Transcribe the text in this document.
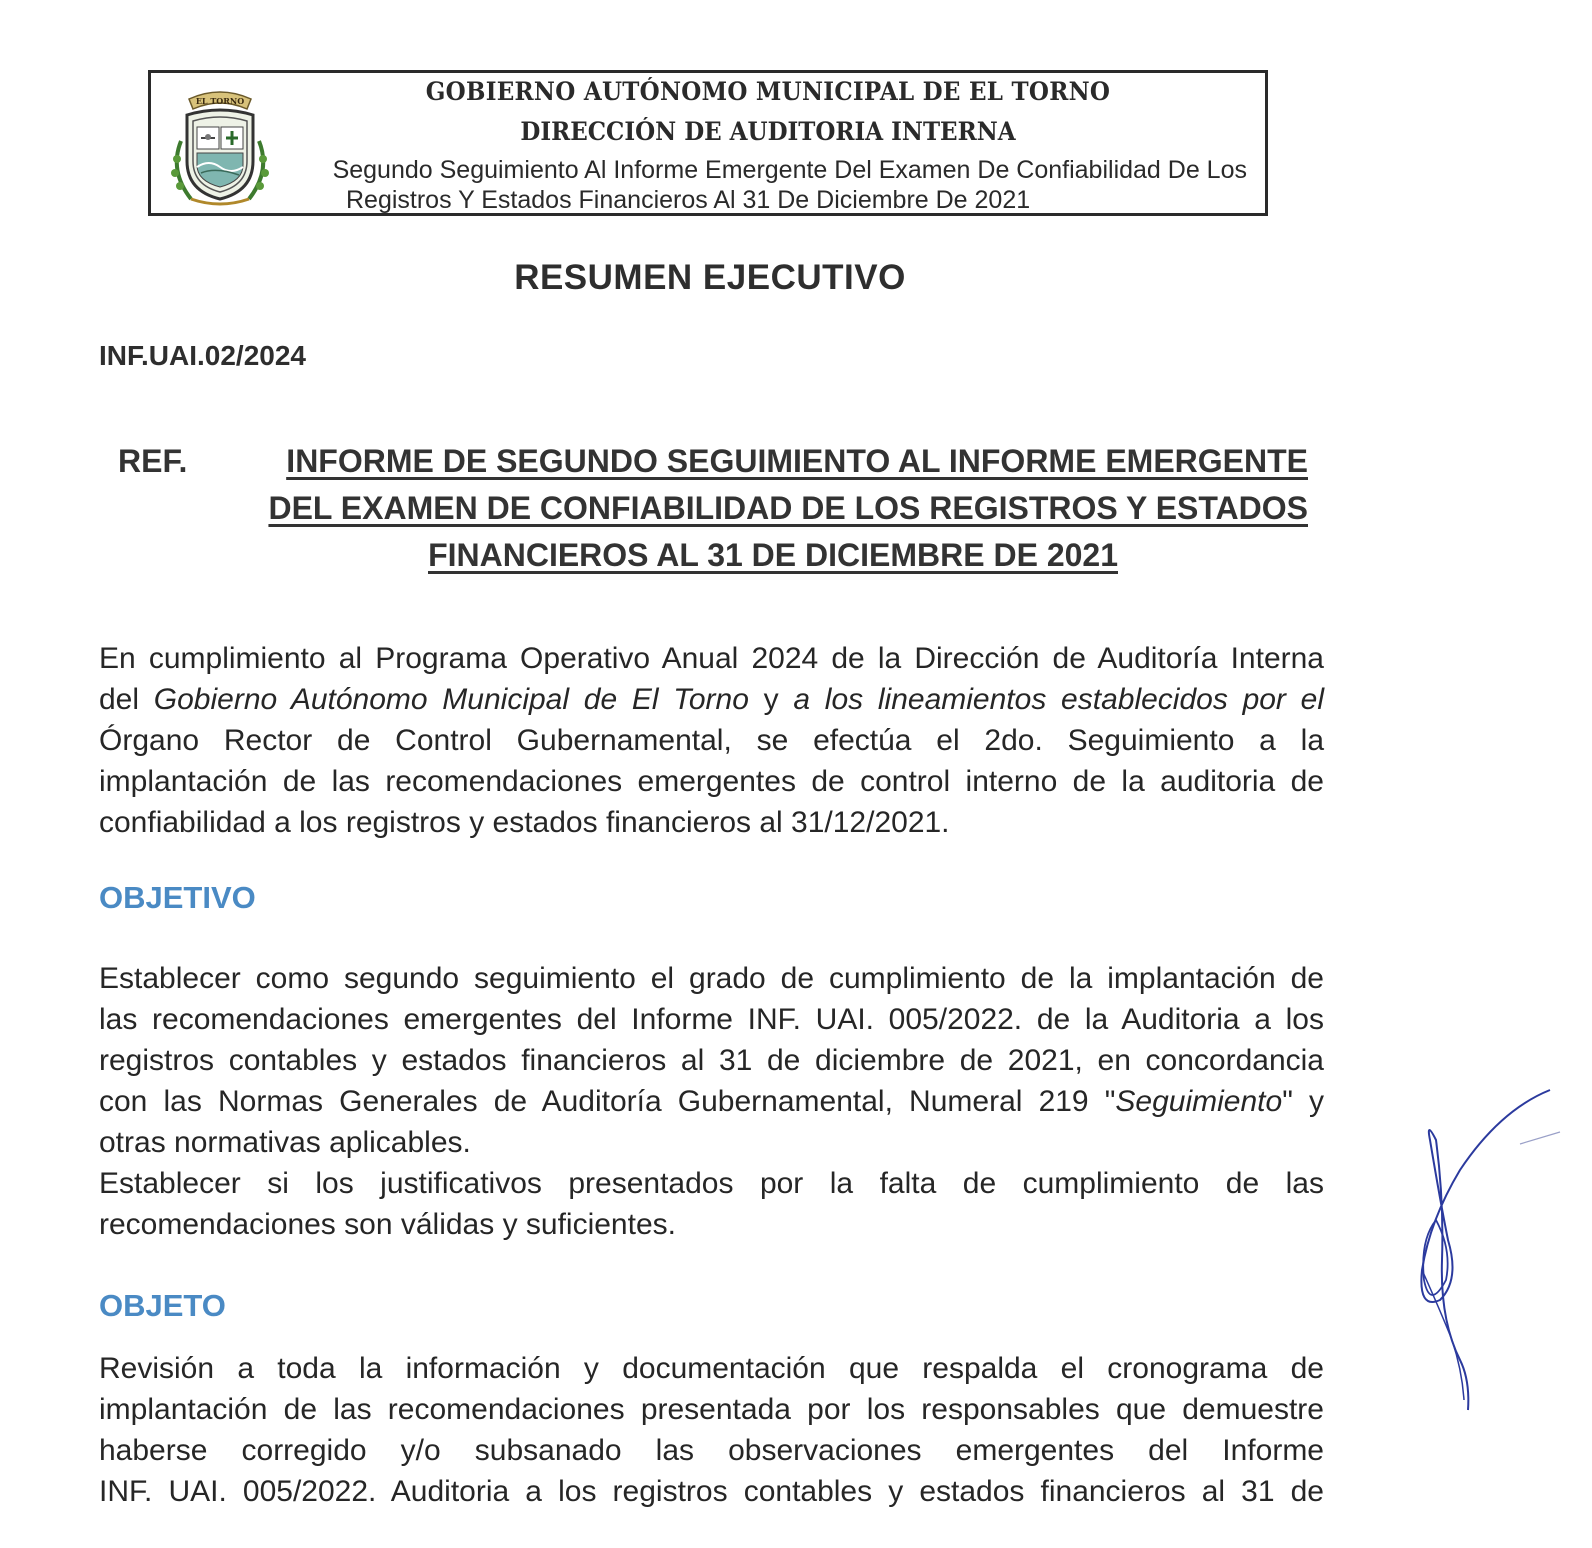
EL TORNO	GOBIERNO AUTÓNOMO MUNICIPAL DE EL TORNO
DIRECCIÓN DE AUDITORIA INTERNA
Segundo Seguimiento Al Informe Emergente Del Examen De Confiabilidad De Los
Registros Y Estados Financieros Al 31 De Diciembre De 2021
RESUMEN EJECUTIVO
INF.UAI.02/2024
REF.	INFORME DE SEGUNDO SEGUIMIENTO AL INFORME EMERGENTE
DEL EXAMEN DE CONFIABILIDAD DE LOS REGISTROS Y ESTADOS
FINANCIEROS AL 31 DE DICIEMBRE DE 2021
En cumplimiento al Programa Operativo Anual 2024 de la Dirección de Auditoría Interna
del Gobierno Autónomo Municipal de El Torno y a los lineamientos establecidos por el
Órgano Rector de Control Gubernamental, se efectúa el 2do. Seguimiento a la
implantación de las recomendaciones emergentes de control interno de la auditoria de
confiabilidad a los registros y estados financieros al 31/12/2021.
OBJETIVO
Establecer como segundo seguimiento el grado de cumplimiento de la implantación de
las recomendaciones emergentes del Informe INF. UAI. 005/2022. de la Auditoria a los
registros contables y estados financieros al 31 de diciembre de 2021, en concordancia
con las Normas Generales de Auditoría Gubernamental, Numeral 219 "Seguimiento" y
otras normativas aplicables.
Establecer si los justificativos presentados por la falta de cumplimiento de las
recomendaciones son válidas y suficientes.
OBJETO
Revisión a toda la información y documentación que respalda el cronograma de
implantación de las recomendaciones presentada por los responsables que demuestre
haberse corregido y/o subsanado las observaciones emergentes del Informe
INF. UAI. 005/2022. Auditoria a los registros contables y estados financieros al 31 de
